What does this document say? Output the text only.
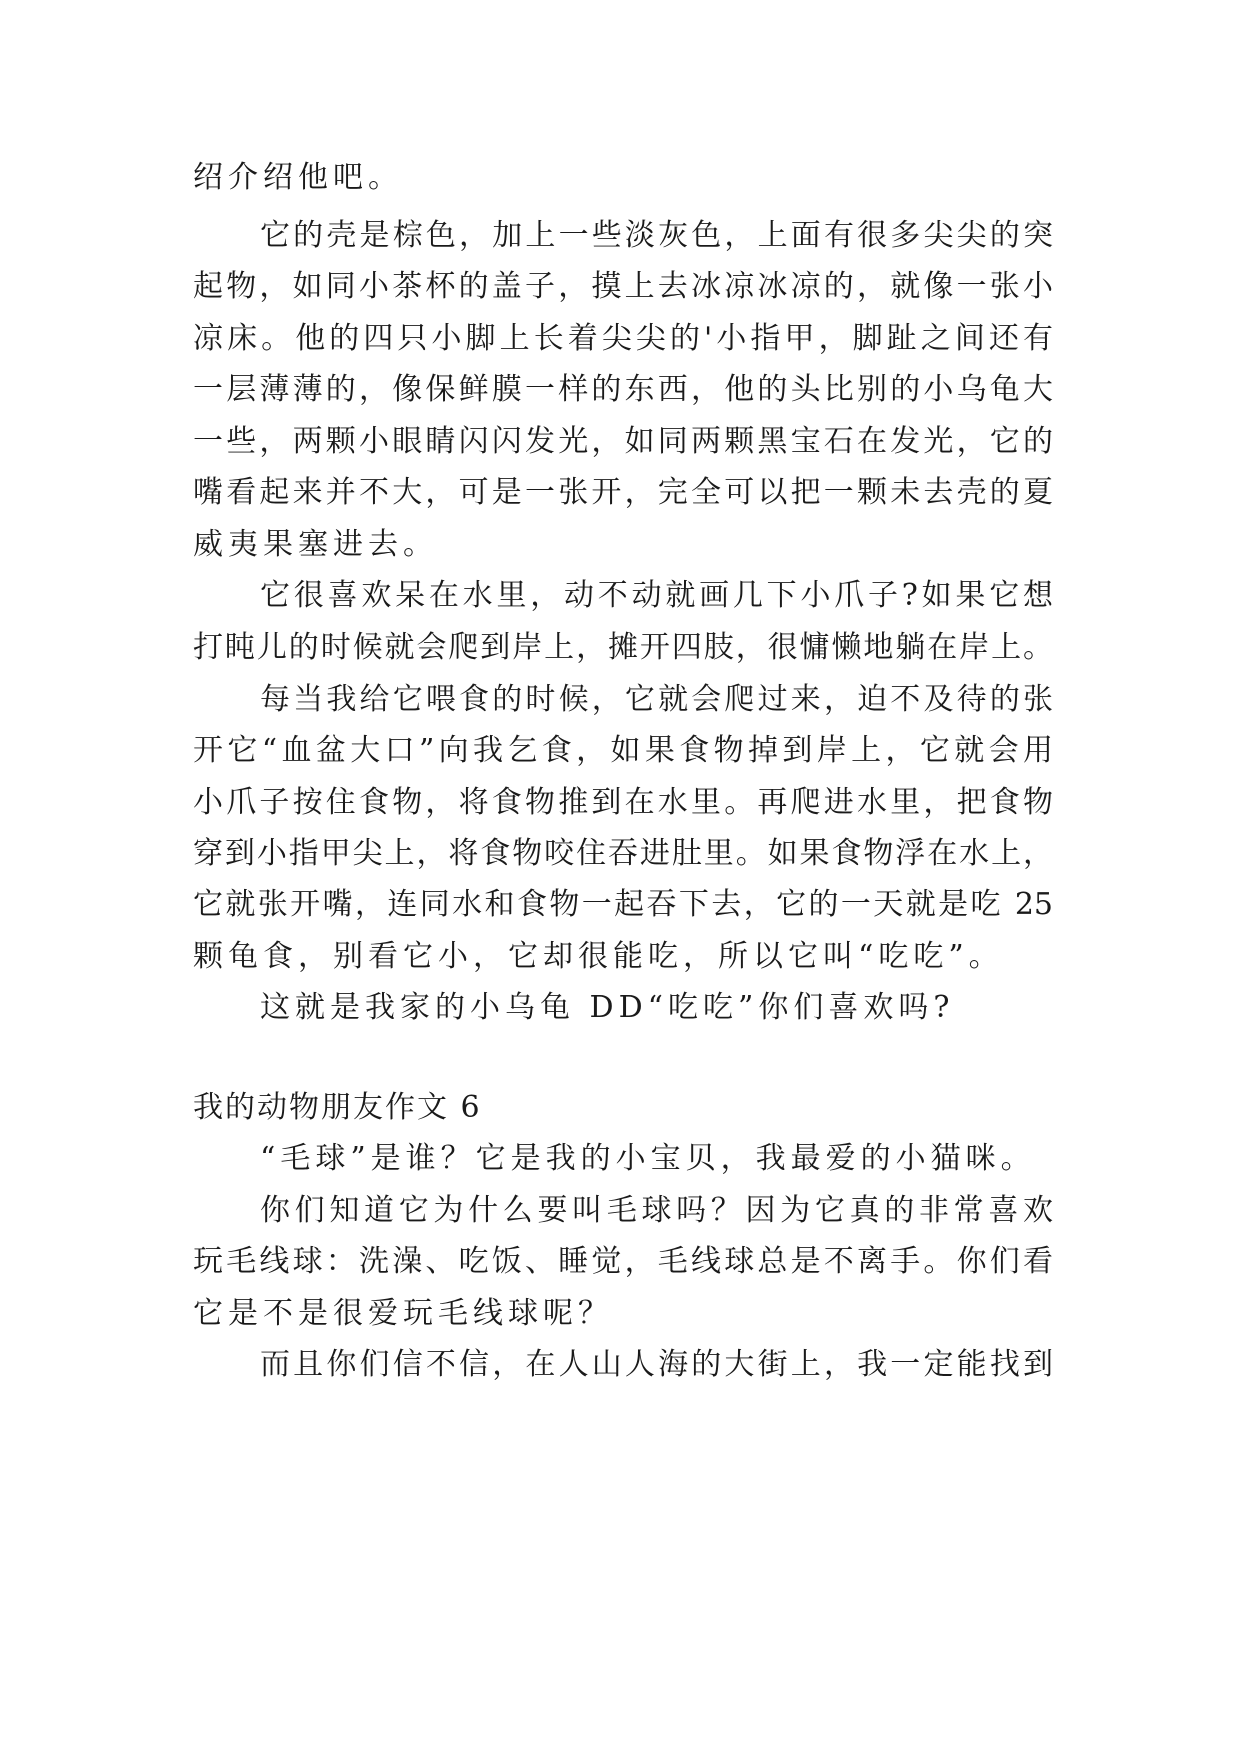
绍介绍他吧。
它的壳是棕色，加上一些淡灰色，上面有很多尖尖的突
起物，如同小茶杯的盖子，摸上去冰凉冰凉的，就像一张小
凉床。他的四只小脚上长着尖尖的'小指甲，脚趾之间还有
一层薄薄的，像保鲜膜一样的东西，他的头比别的小乌龟大
一些，两颗小眼睛闪闪发光，如同两颗黑宝石在发光，它的
嘴看起来并不大，可是一张开，完全可以把一颗未去壳的夏
威夷果塞进去。
它很喜欢呆在水里，动不动就画几下小爪子?如果它想
打盹儿的时候就会爬到岸上，摊开四肢，很慵懒地躺在岸上。
每当我给它喂食的时候，它就会爬过来，迫不及待的张
开它“血盆大口”向我乞食，如果食物掉到岸上，它就会用
小爪子按住食物，将食物推到在水里。再爬进水里，把食物
穿到小指甲尖上，将食物咬住吞进肚里。如果食物浮在水上，
它就张开嘴，连同水和食物一起吞下去，它的一天就是吃 25
颗龟食，别看它小，它却很能吃，所以它叫“吃吃”。
这就是我家的小乌龟 DD“吃吃”你们喜欢吗?
我的动物朋友作文 6
“毛球”是谁？它是我的小宝贝，我最爱的小猫咪。
你们知道它为什么要叫毛球吗？因为它真的非常喜欢
玩毛线球：洗澡、吃饭、睡觉，毛线球总是不离手。你们看
它是不是很爱玩毛线球呢？
而且你们信不信，在人山人海的大街上，我一定能找到
